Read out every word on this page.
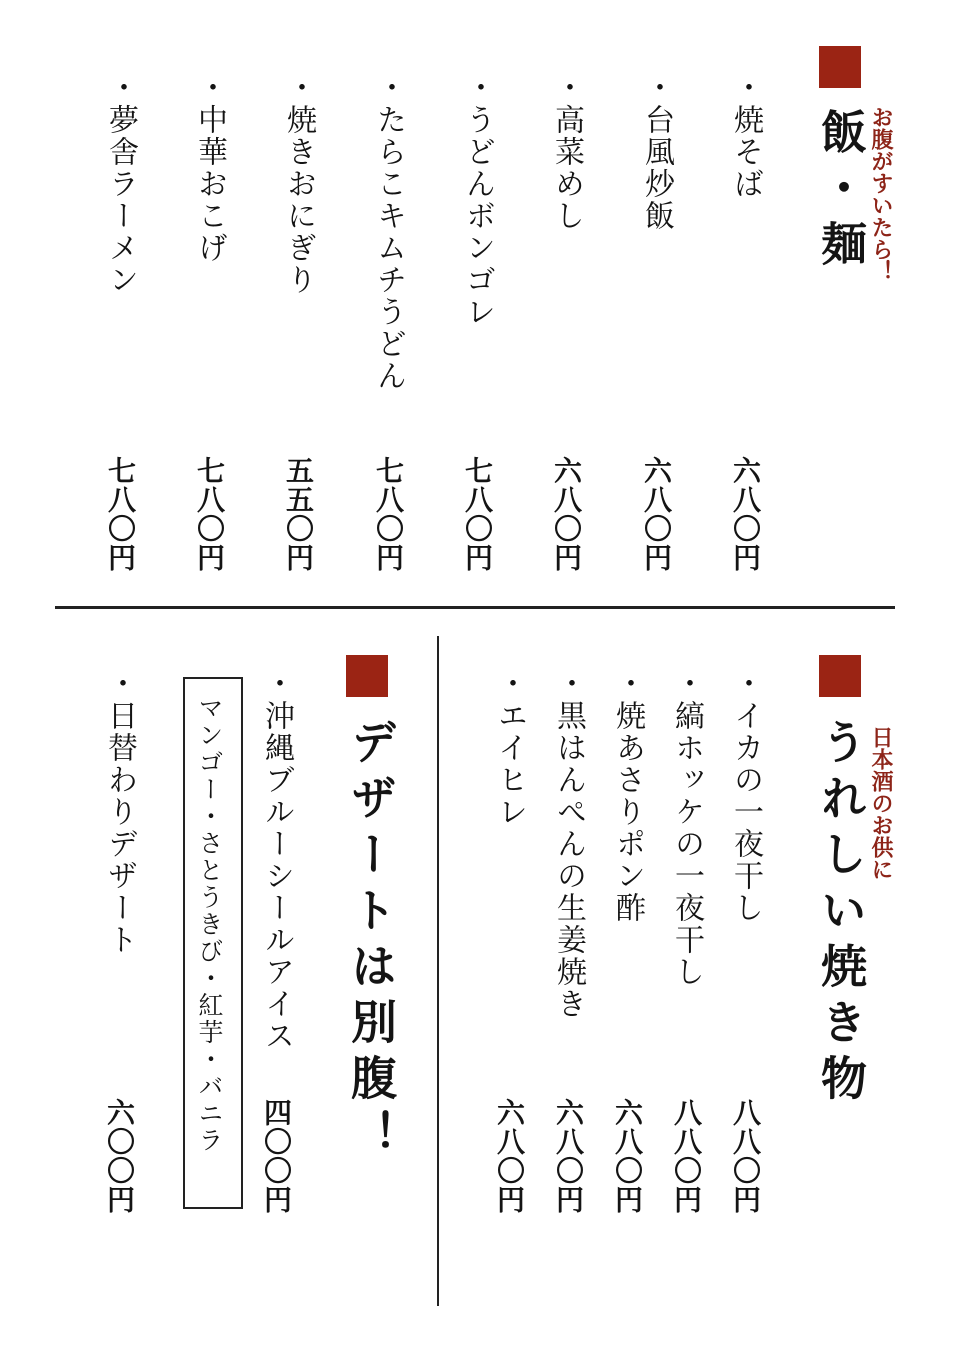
飯・麺 お腹がすいたら！
・焼そば
六八〇円
・台風炒飯
六八〇円
・高菜めし
六八〇円
・うどんボンゴレ
七八〇円
・たらこキムチうどん
七八〇円
・焼きおにぎり
五五〇円
・中華おこげ
七八〇円
・夢舎ラーメン
七八〇円
うれしい焼き物 日本酒のお供に
・イカの一夜干し
八八〇円
・縞ホッケの一夜干し
八八〇円
・焼あさりポン酢
六八〇円
・黒はんぺんの生姜焼き
六八〇円
・エイヒレ
六八〇円
デザートは別腹！
・沖縄ブルーシールアイス
四〇〇円
・日替わりデザート
六〇〇円
マンゴー・さとうきび・紅芋・バニラ
